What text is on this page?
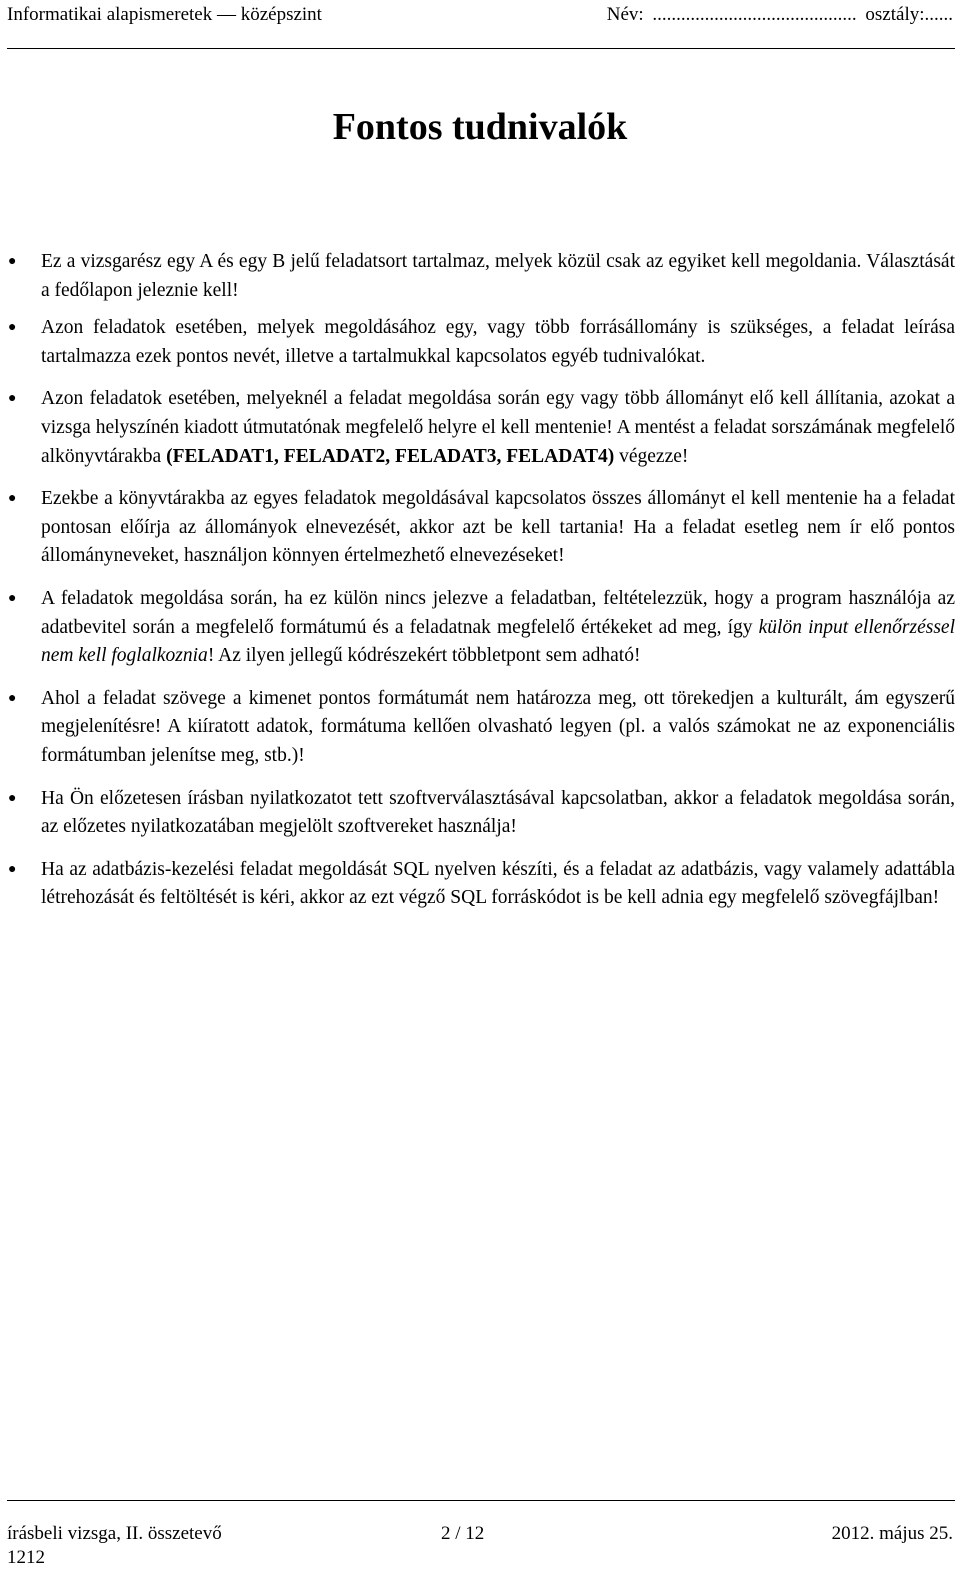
Informatikai alapismeretek — középszint	Név: ........................................... osztály:......
Fontos tudnivalók
●
Ez a vizsgarész egy A és egy B jelű feladatsort tartalmaz, melyek közül csak az egyiket kell megoldania. Választását a fedőlapon jeleznie kell!
●
Azon feladatok esetében, melyek megoldásához egy, vagy több forrásállomány is szükséges, a feladat leírása tartalmazza ezek pontos nevét, illetve a tartalmukkal kapcsolatos egyéb tudnivalókat.
●
Azon feladatok esetében, melyeknél a feladat megoldása során egy vagy több állományt elő kell állítania, azokat a vizsga helyszínén kiadott útmutatónak megfelelő helyre el kell mentenie! A mentést a feladat sorszámának megfelelő alkönyvtárakba (FELADAT1, FELADAT2, FELADAT3, FELADAT4) végezze!
●
Ezekbe a könyvtárakba az egyes feladatok megoldásával kapcsolatos összes állományt el kell mentenie ha a feladat pontosan előírja az állományok elnevezését, akkor azt be kell tartania! Ha a feladat esetleg nem ír elő pontos állományneveket, használjon könnyen értelmezhető elnevezéseket!
●
A feladatok megoldása során, ha ez külön nincs jelezve a feladatban, feltételezzük, hogy a program használója az adatbevitel során a megfelelő formátumú és a feladatnak megfelelő értékeket ad meg, így külön input ellenőrzéssel nem kell foglalkoznia! Az ilyen jellegű kódrészekért többletpont sem adható!
●
Ahol a feladat szövege a kimenet pontos formátumát nem határozza meg, ott törekedjen a kulturált, ám egyszerű megjelenítésre! A kiíratott adatok, formátuma kellően olvasható legyen (pl. a valós számokat ne az exponenciális formátumban jelenítse meg, stb.)!
●
Ha Ön előzetesen írásban nyilatkozatot tett szoftverválasztásával kapcsolatban, akkor a feladatok megoldása során, az előzetes nyilatkozatában megjelölt szoftvereket használja!
●
Ha az adatbázis-kezelési feladat megoldását SQL nyelven készíti, és a feladat az adatbázis, vagy valamely adattábla létrehozását és feltöltését is kéri, akkor az ezt végző SQL forráskódot is be kell adnia egy megfelelő szövegfájlban!
írásbeli vizsga, II. összetevő	2 / 12	2012. május 25.
1212
